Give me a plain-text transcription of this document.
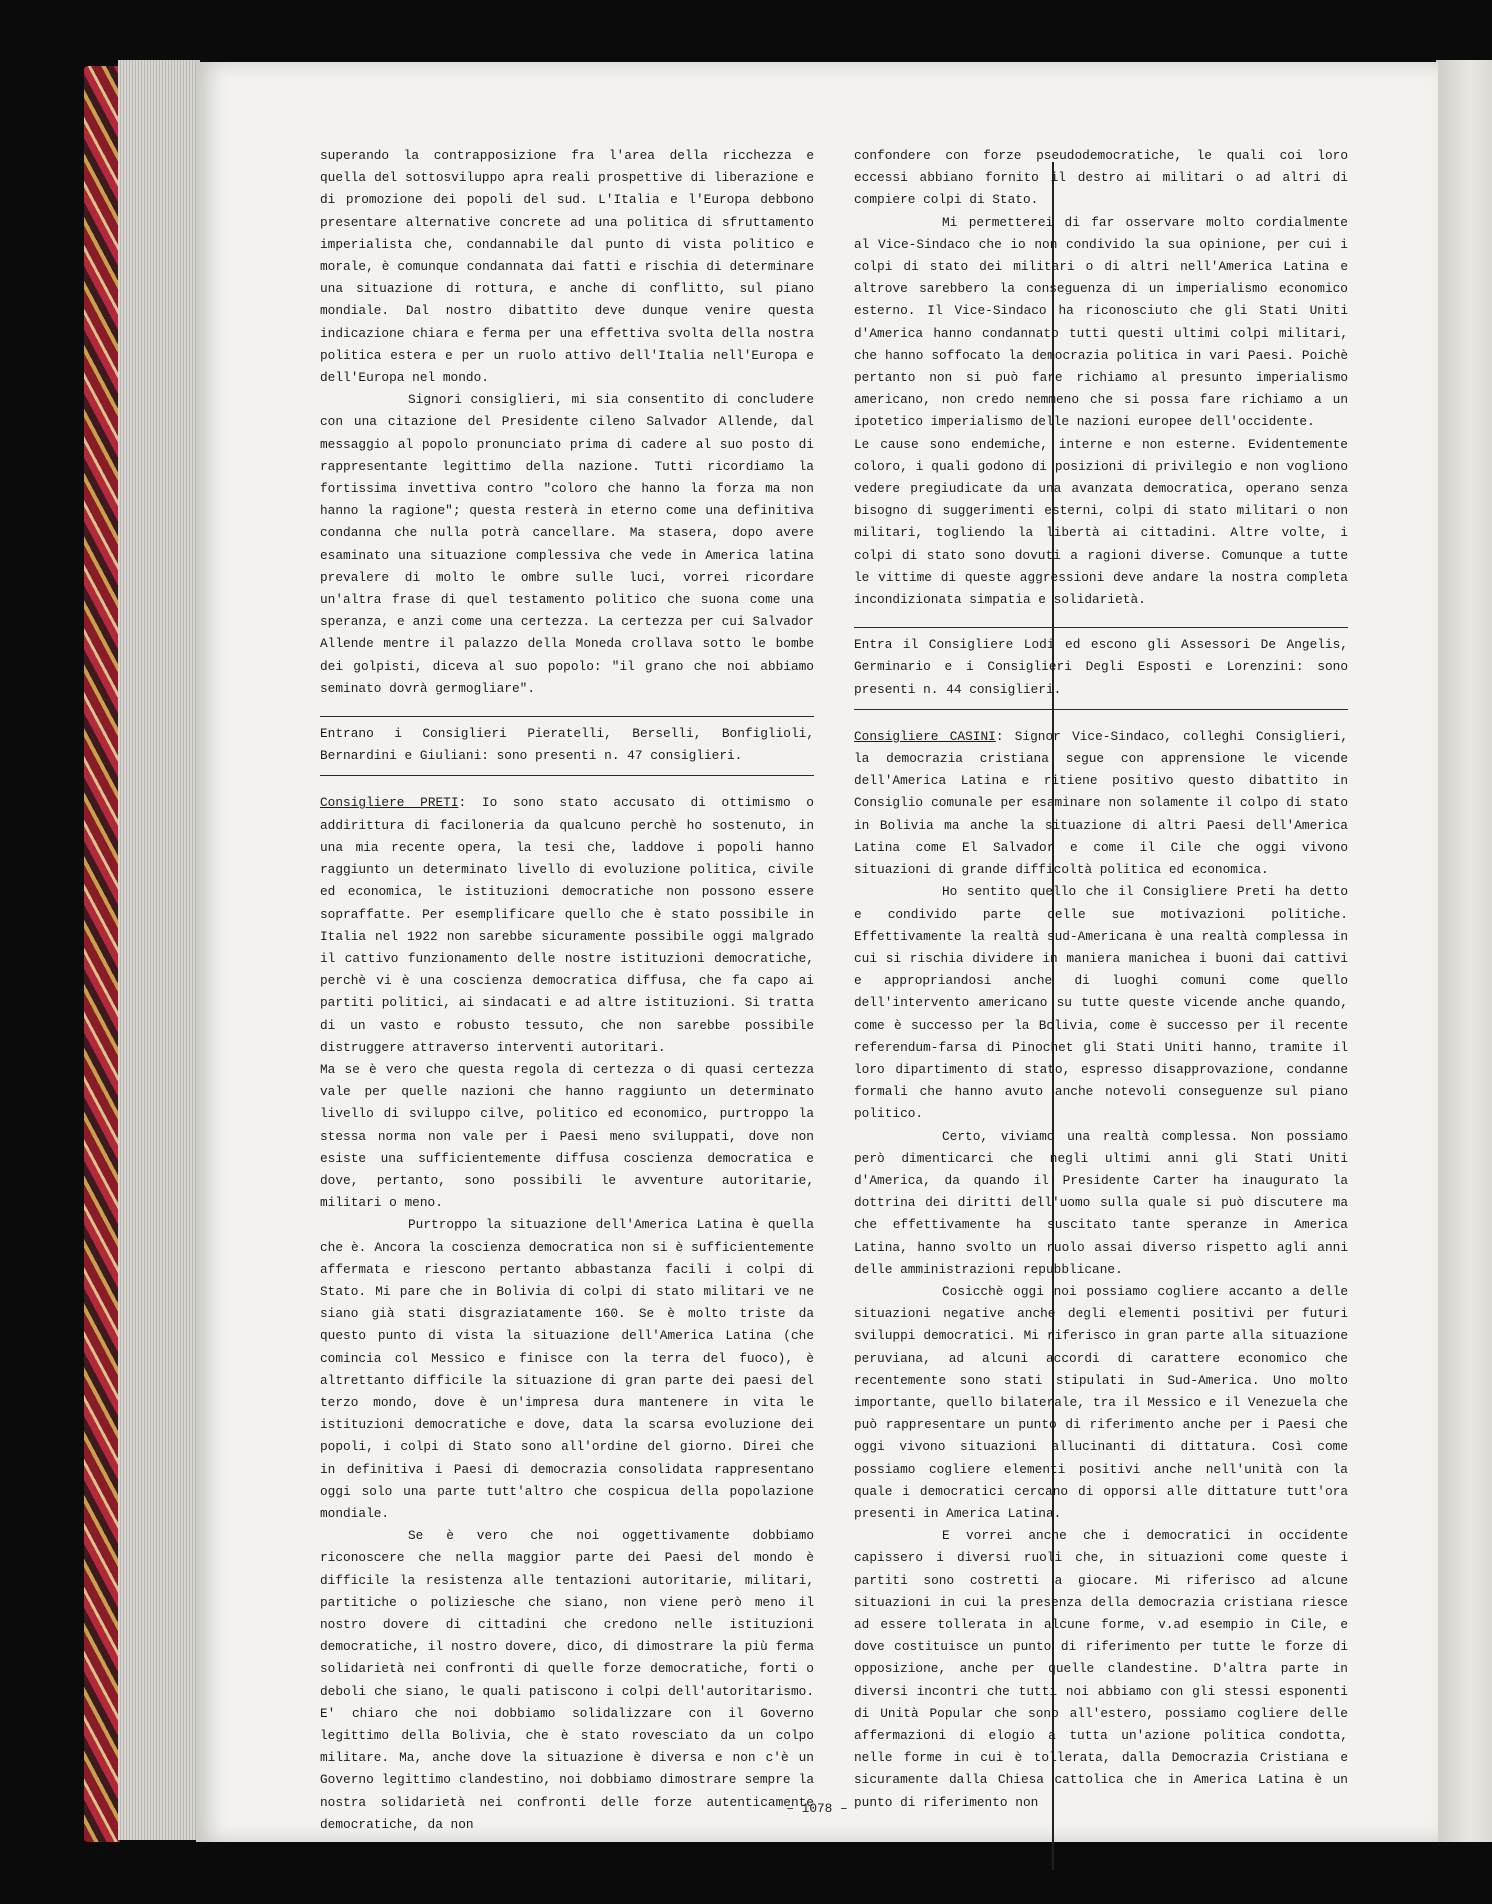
superando la contrapposizione fra l'area della ricchezza e quella del sottosviluppo apra reali prospettive di liberazione e di promozione dei popoli del sud. L'Italia e l'Europa debbono presentare alternative concrete ad una politica di sfruttamento imperialista che, condannabile dal punto di vista politico e morale, è comunque condannata dai fatti e rischia di determinare una situazione di rottura, e anche di conflitto, sul piano mondiale. Dal nostro dibattito deve dunque venire questa indicazione chiara e ferma per una effettiva svolta della nostra politica estera e per un ruolo attivo dell'Italia nell'Europa e dell'Europa nel mondo.

Signori consiglieri, mi sia consentito di concludere con una citazione del Presidente cileno Salvador Allende, dal messaggio al popolo pronunciato prima di cadere al suo posto di rappresentante legittimo della nazione. Tutti ricordiamo la fortissima invettiva contro "coloro che hanno la forza ma non hanno la ragione"; questa resterà in eterno come una definitiva condanna che nulla potrà cancellare. Ma stasera, dopo avere esaminato una situazione complessiva che vede in America latina prevalere di molto le ombre sulle luci, vorrei ricordare un'altra frase di quel testamento politico che suona come una speranza, e anzi come una certezza. La certezza per cui Salvador Allende mentre il palazzo della Moneda crollava sotto le bombe dei golpisti, diceva al suo popolo: "il grano che noi abbiamo seminato dovrà germogliare".

Entrano i Consiglieri Pieratelli, Berselli, Bonfiglioli, Bernardini e Giuliani: sono presenti n. 47 consiglieri.

Consigliere PRETI: Io sono stato accusato di ottimismo o addirittura di faciloneria da qualcuno perchè ho sostenuto, in una mia recente opera, la tesi che, laddove i popoli hanno raggiunto un determinato livello di evoluzione politica, civile ed economica, le istituzioni democratiche non possono essere sopraffatte. Per esemplificare quello che è stato possibile in Italia nel 1922 non sarebbe sicuramente possibile oggi malgrado il cattivo funzionamento delle nostre istituzioni democratiche, perchè vi è una coscienza democratica diffusa, che fa capo ai partiti politici, ai sindacati e ad altre istituzioni. Si tratta di un vasto e robusto tessuto, che non sarebbe possibile distruggere attraverso interventi autoritari.

Ma se è vero che questa regola di certezza o di quasi certezza vale per quelle nazioni che hanno raggiunto un determinato livello di sviluppo cilve, politico ed economico, purtroppo la stessa norma non vale per i Paesi meno sviluppati, dove non esiste una sufficientemente diffusa coscienza democratica e dove, pertanto, sono possibili le avventure autoritarie, militari o meno.

Purtroppo la situazione dell'America Latina è quella che è. Ancora la coscienza democratica non si è sufficientemente affermata e riescono pertanto abbastanza facili i colpi di Stato. Mi pare che in Bolivia di colpi di stato militari ve ne siano già stati disgraziatamente 160. Se è molto triste da questo punto di vista la situazione dell'America Latina (che comincia col Messico e finisce con la terra del fuoco), è altrettanto difficile la situazione di gran parte dei paesi del terzo mondo, dove è un'impresa dura mantenere in vita le istituzioni democratiche e dove, data la scarsa evoluzione dei popoli, i colpi di Stato sono all'ordine del giorno. Direi che in definitiva i Paesi di democrazia consolidata rappresentano oggi solo una parte tutt'altro che cospicua della popolazione mondiale.

Se è vero che noi oggettivamente dobbiamo riconoscere che nella maggior parte dei Paesi del mondo è difficile la resistenza alle tentazioni autoritarie, militari, partitiche o poliziesche che siano, non viene però meno il nostro dovere di cittadini che credono nelle istituzioni democratiche, il nostro dovere, dico, di dimostrare la più ferma solidarietà nei confronti di quelle forze democratiche, forti o deboli che siano, le quali patiscono i colpi dell'autoritarismo. E' chiaro che noi dobbiamo solidalizzare con il Governo legittimo della Bolivia, che è stato rovesciato da un colpo militare. Ma, anche dove la situazione è diversa e non c'è un Governo legittimo clandestino, noi dobbiamo dimostrare sempre la nostra solidarietà nei confronti delle forze autenticamente democratiche, da non

confondere con forze pseudodemocratiche, le quali coi loro eccessi abbiano fornito il destro ai militari o ad altri di compiere colpi di Stato.

Mi permetterei di far osservare molto cordialmente al Vice-Sindaco che io non condivido la sua opinione, per cui i colpi di stato dei militari o di altri nell'America Latina e altrove sarebbero la conseguenza di un imperialismo economico esterno. Il Vice-Sindaco ha riconosciuto che gli Stati Uniti d'America hanno condannato tutti questi ultimi colpi militari, che hanno soffocato la democrazia politica in vari Paesi. Poichè pertanto non si può fare richiamo al presunto imperialismo americano, non credo nemmeno che si possa fare richiamo a un ipotetico imperialismo delle nazioni europee dell'occidente.

Le cause sono endemiche, interne e non esterne. Evidentemente coloro, i quali godono di posizioni di privilegio e non vogliono vedere pregiudicate da una avanzata democratica, operano senza bisogno di suggerimenti esterni, colpi di stato militari o non militari, togliendo la libertà ai cittadini. Altre volte, i colpi di stato sono dovuti a ragioni diverse. Comunque a tutte le vittime di queste aggressioni deve andare la nostra completa incondizionata simpatia e solidarietà.

Entra il Consigliere Lodi ed escono gli Assessori De Angelis, Germinario e i Consiglieri Degli Esposti e Lorenzini: sono presenti n. 44 consiglieri.

Consigliere CASINI: Signor Vice-Sindaco, colleghi Consiglieri, la democrazia cristiana segue con apprensione le vicende dell'America Latina e ritiene positivo questo dibattito in Consiglio comunale per esaminare non solamente il colpo di stato in Bolivia ma anche la situazione di altri Paesi dell'America Latina come El Salvador e come il Cile che oggi vivono situazioni di grande difficoltà politica ed economica.

Ho sentito quello che il Consigliere Preti ha detto e condivido parte delle sue motivazioni politiche. Effettivamente la realtà sud-Americana è una realtà complessa in cui si rischia dividere in maniera manichea i buoni dai cattivi e appropriandosi anche di luoghi comuni come quello dell'intervento americano su tutte queste vicende anche quando, come è successo per la Bolivia, come è successo per il recente referendum-farsa di Pinochet gli Stati Uniti hanno, tramite il loro dipartimento di stato, espresso disapprovazione, condanne formali che hanno avuto anche notevoli conseguenze sul piano politico.

Certo, viviamo una realtà complessa. Non possiamo però dimenticarci che negli ultimi anni gli Stati Uniti d'America, da quando il Presidente Carter ha inaugurato la dottrina dei diritti dell'uomo sulla quale si può discutere ma che effettivamente ha suscitato tante speranze in America Latina, hanno svolto un ruolo assai diverso rispetto agli anni delle amministrazioni repubblicane.

Cosicchè oggi noi possiamo cogliere accanto a delle situazioni negative anche degli elementi positivi per futuri sviluppi democratici. Mi riferisco in gran parte alla situazione peruviana, ad alcuni accordi di carattere economico che recentemente sono stati stipulati in Sud-America. Uno molto importante, quello bilaterale, tra il Messico e il Venezuela che può rappresentare un punto di riferimento anche per i Paesi che oggi vivono situazioni allucinanti di dittatura. Così come possiamo cogliere elementi positivi anche nell'unità con la quale i democratici cercano di opporsi alle dittature tutt'ora presenti in America Latina.

E vorrei anche che i democratici in occidente capissero i diversi ruoli che, in situazioni come queste i partiti sono costretti a giocare. Mi riferisco ad alcune situazioni in cui la presenza della democrazia cristiana riesce ad essere tollerata in alcune forme, v.ad esempio in Cile, e dove costituisce un punto di riferimento per tutte le forze di opposizione, anche per quelle clandestine. D'altra parte in diversi incontri che tutti noi abbiamo con gli stessi esponenti di Unità Popular che sono all'estero, possiamo cogliere delle affermazioni di elogio a tutta un'azione politica condotta, nelle forme in cui è tollerata, dalla Democrazia Cristiana e sicuramente dalla Chiesa cattolica che in America Latina è un punto di riferimento non

– 1078 –
